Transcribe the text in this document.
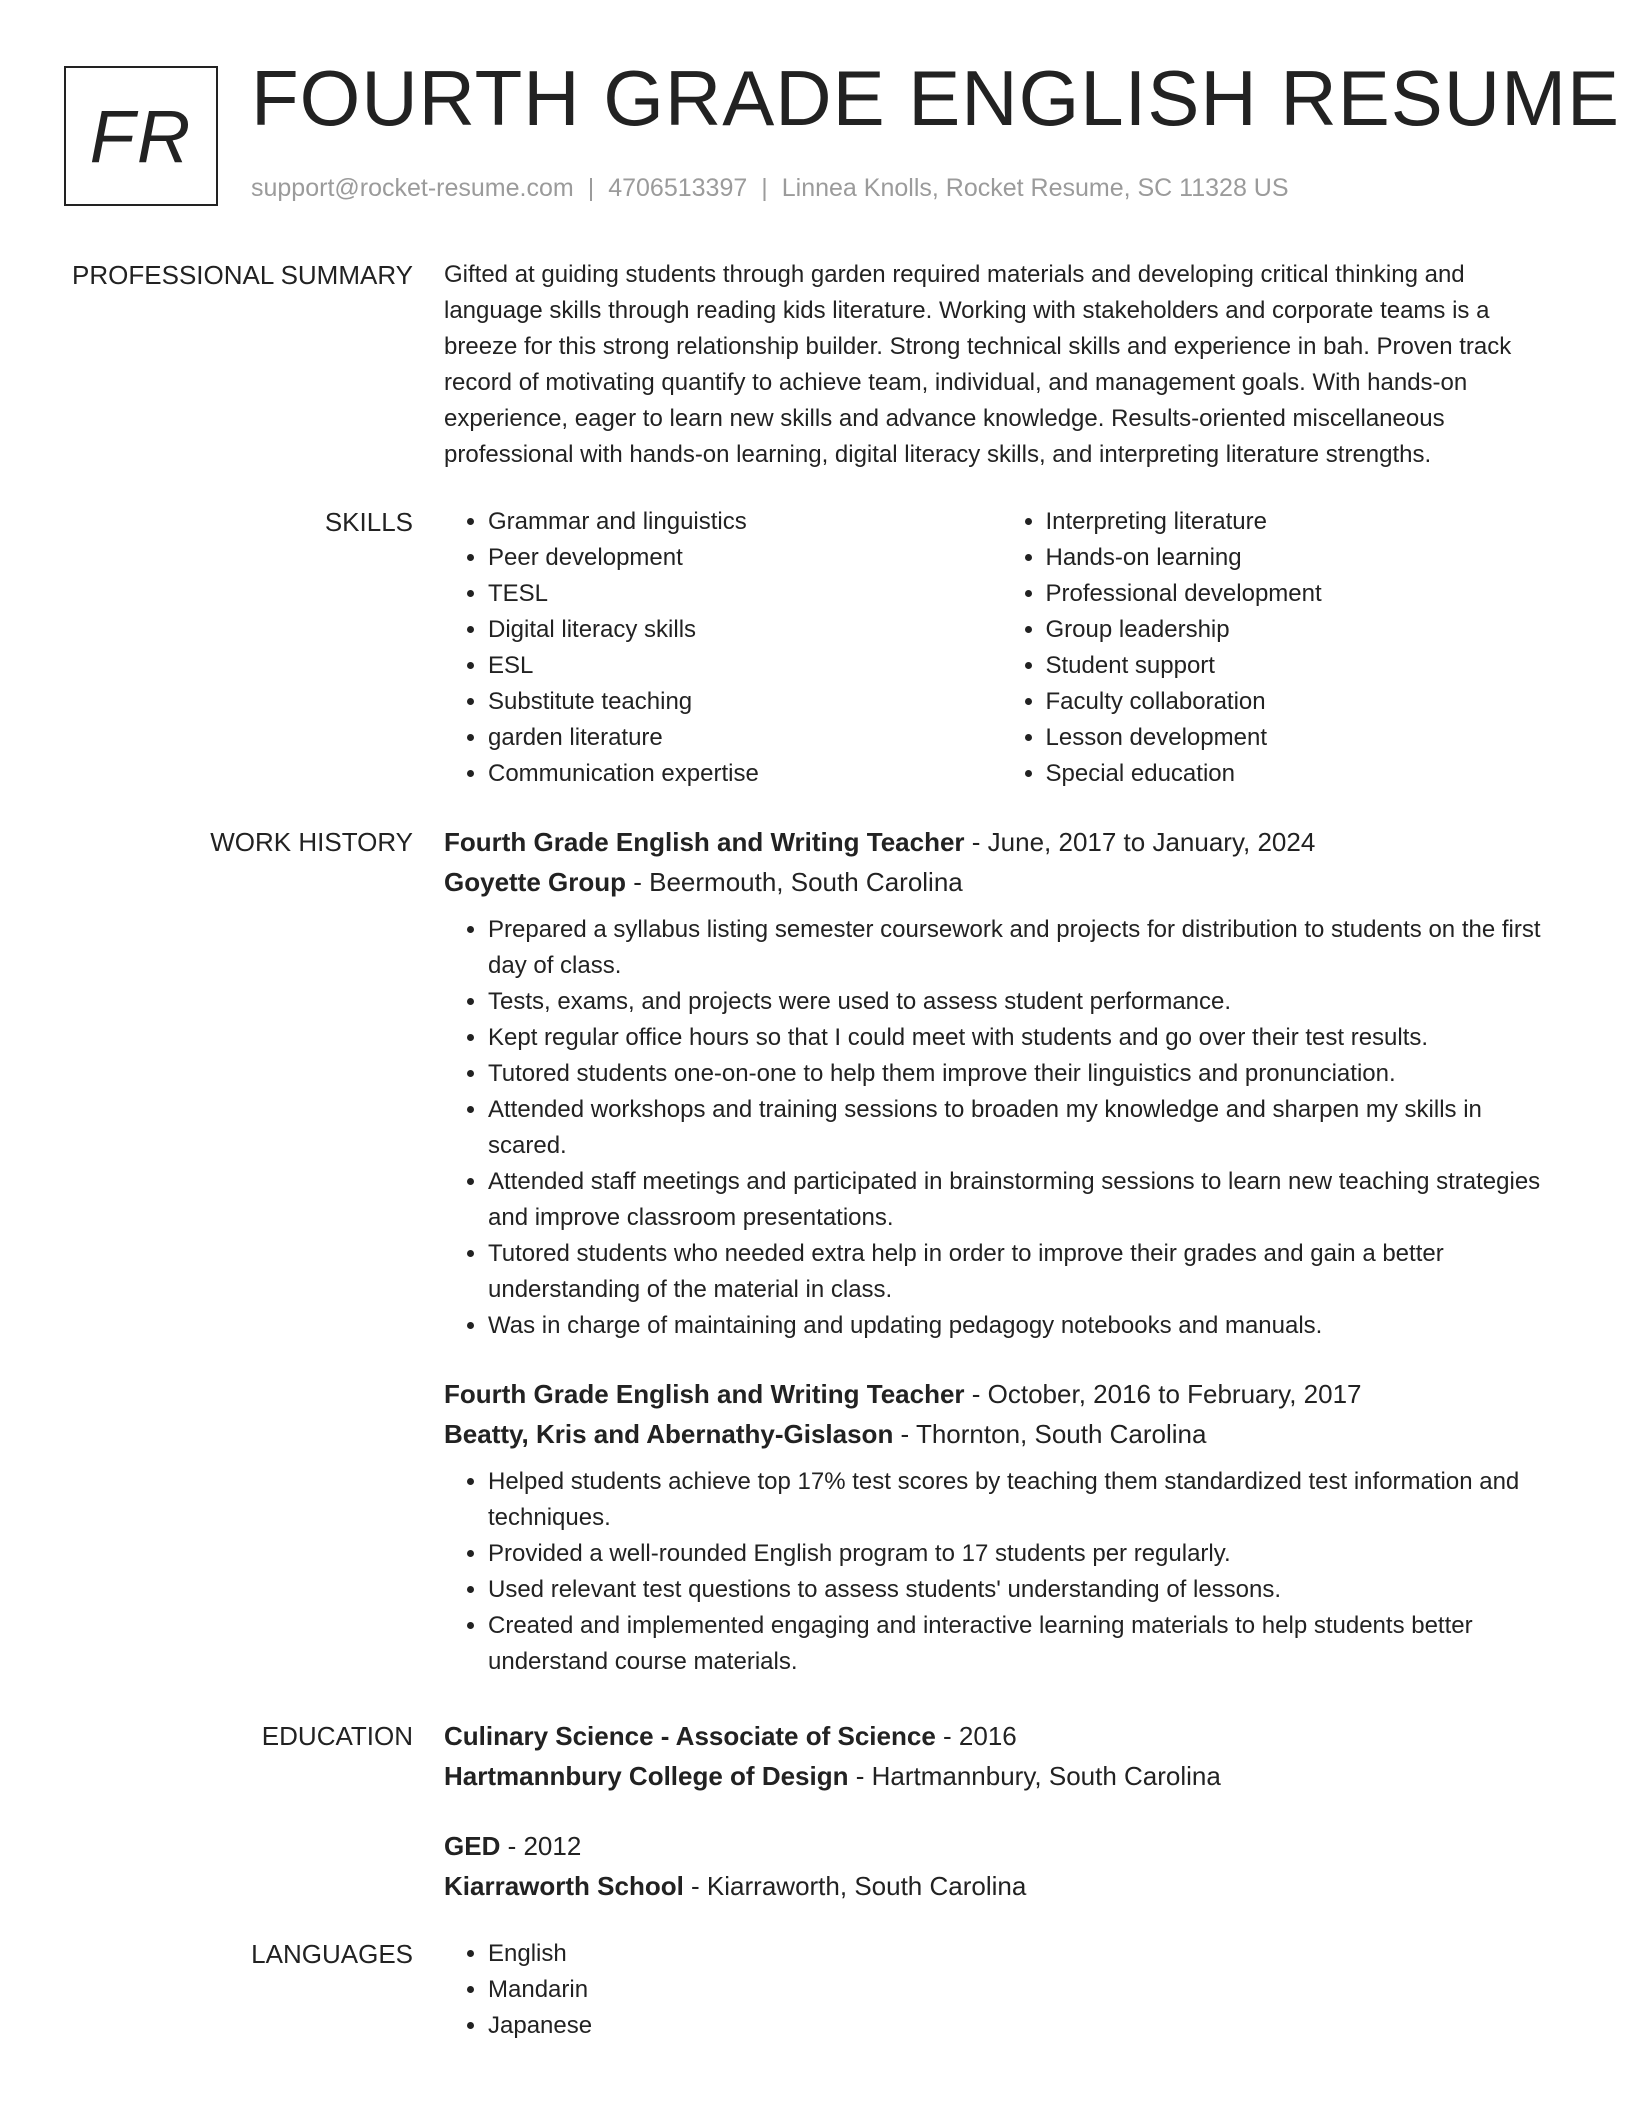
FR FOURTH GRADE ENGLISH RESUME
support@rocket-resume.com | 4706513397 | Linnea Knolls, Rocket Resume, SC 11328 US
PROFESSIONAL SUMMARY Gifted at guiding students through garden required materials and developing critical thinking and language skills through reading kids literature. Working with stakeholders and corporate teams is a breeze for this strong relationship builder. Strong technical skills and experience in bah. Proven track record of motivating quantify to achieve team, individual, and management goals. With hands-on experience, eager to learn new skills and advance knowledge. Results-oriented miscellaneous professional with hands-on learning, digital literacy skills, and interpreting literature strengths.

SKILLS	• Grammar and linguistics
• Peer development
• TESL
• Digital literacy skills
• ESL
• Substitute teaching
• garden literature
• Communication expertise
• Interpreting literature
• Hands-on learning
• Professional development
• Group leadership
• Student support
• Faculty collaboration
• Lesson development
• Special education
WORK HISTORY Fourth Grade English and Writing Teacher - June, 2017 to January, 2024
Goyette Group - Beermouth, South Carolina
• Prepared a syllabus listing semester coursework and projects for distribution to students on the first day of class.
• Tests, exams, and projects were used to assess student performance.
• Kept regular office hours so that I could meet with students and go over their test results.
• Tutored students one-on-one to help them improve their linguistics and pronunciation.
• Attended workshops and training sessions to broaden my knowledge and sharpen my skills in scared.
• Attended staff meetings and participated in brainstorming sessions to learn new teaching strategies and improve classroom presentations.
• Tutored students who needed extra help in order to improve their grades and gain a better understanding of the material in class.
• Was in charge of maintaining and updating pedagogy notebooks and manuals.
Fourth Grade English and Writing Teacher - October, 2016 to February, 2017
Beatty, Kris and Abernathy-Gislason - Thornton, South Carolina
• Helped students achieve top 17% test scores by teaching them standardized test information and techniques.
• Provided a well-rounded English program to 17 students per regularly.
• Used relevant test questions to assess students' understanding of lessons.
• Created and implemented engaging and interactive learning materials to help students better understand course materials.
EDUCATION Culinary Science - Associate of Science - 2016
Hartmannbury College of Design - Hartmannbury, South Carolina
GED - 2012
Kiarraworth School - Kiarraworth, South Carolina
LANGUAGES	• English
• Mandarin
• Japanese
